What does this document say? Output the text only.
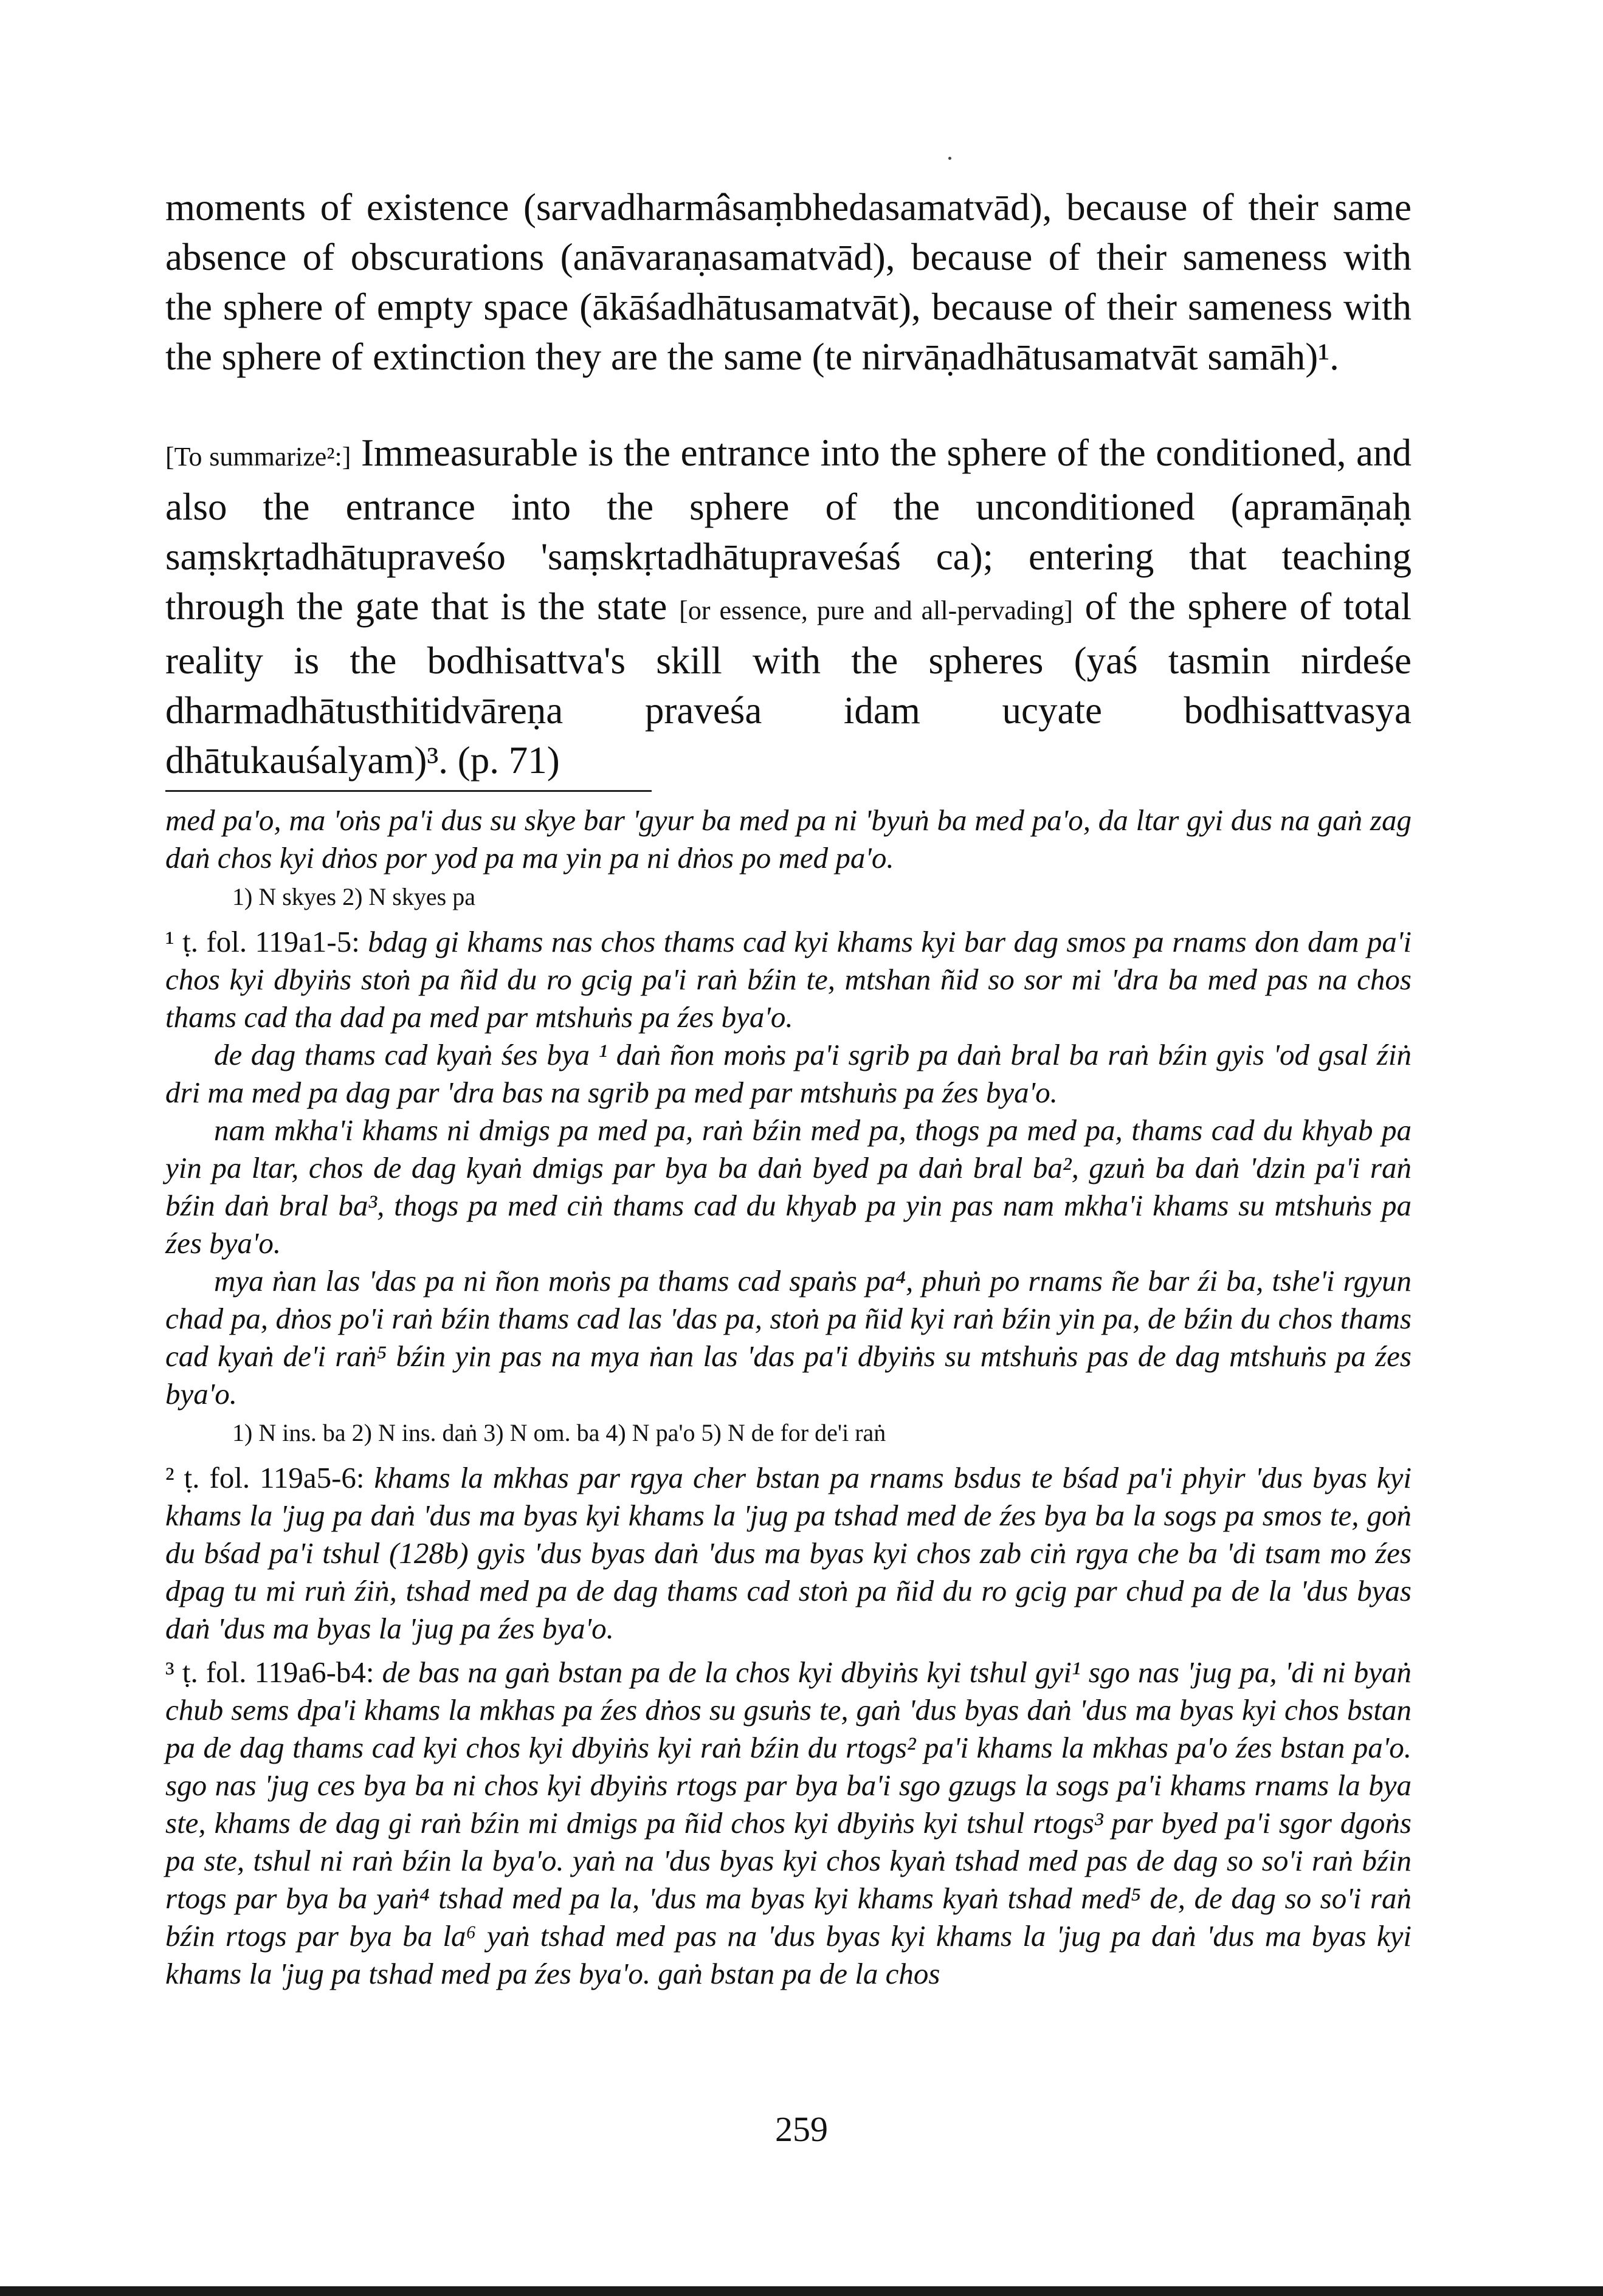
moments of existence (sarvadharmâsaṃbhedasamatvād), because of their same absence of obscurations (anāvaraṇasamatvād), because of their sameness with the sphere of empty space (ākāśadhātusamatvāt), because of their sameness with the sphere of extinction they are the same (te nirvāṇadhātusamatvāt samāh)¹.

[To summarize²:] Immeasurable is the entrance into the sphere of the conditioned, and also the entrance into the sphere of the unconditioned (apramāṇaḥ saṃskṛtadhātupraveśo 'saṃskṛtadhātupraveśaś ca); entering that teaching through the gate that is the state [or essence, pure and all-pervading] of the sphere of total reality is the bodhisattva's skill with the spheres (yaś tasmin nirdeśe dharmadhātusthitidvāreṇa praveśa idam ucyate bodhisattvasya dhātukauśalyam)³. (p. 71)

med pa'o, ma 'oṅs pa'i dus su skye bar 'gyur ba med pa ni 'byuṅ ba med pa'o, da ltar gyi dus na gaṅ zag daṅ chos kyi dṅos por yod pa ma yin pa ni dṅos po med pa'o.

1) N skyes 2) N skyes pa

¹ ṭ. fol. 119a1-5: bdag gi khams nas chos thams cad kyi khams kyi bar dag smos pa rnams don dam pa'i chos kyi dbyiṅs stoṅ pa ñid du ro gcig pa'i raṅ bźin te, mtshan ñid so sor mi 'dra ba med pas na chos thams cad tha dad pa med par mtshuṅs pa źes bya'o.

de dag thams cad kyaṅ śes bya ¹ daṅ ñon moṅs pa'i sgrib pa daṅ bral ba raṅ bźin gyis 'od gsal źiṅ dri ma med pa dag par 'dra bas na sgrib pa med par mtshuṅs pa źes bya'o.

nam mkha'i khams ni dmigs pa med pa, raṅ bźin med pa, thogs pa med pa, thams cad du khyab pa yin pa ltar, chos de dag kyaṅ dmigs par bya ba daṅ byed pa daṅ bral ba², gzuṅ ba daṅ 'dzin pa'i raṅ bźin daṅ bral ba³, thogs pa med ciṅ thams cad du khyab pa yin pas nam mkha'i khams su mtshuṅs pa źes bya'o.

mya ṅan las 'das pa ni ñon moṅs pa thams cad spaṅs pa⁴, phuṅ po rnams ñe bar źi ba, tshe'i rgyun chad pa, dṅos po'i raṅ bźin thams cad las 'das pa, stoṅ pa ñid kyi raṅ bźin yin pa, de bźin du chos thams cad kyaṅ de'i raṅ⁵ bźin yin pas na mya ṅan las 'das pa'i dbyiṅs su mtshuṅs pas de dag mtshuṅs pa źes bya'o.

1) N ins. ba 2) N ins. daṅ 3) N om. ba 4) N pa'o 5) N de for de'i raṅ

² ṭ. fol. 119a5-6: khams la mkhas par rgya cher bstan pa rnams bsdus te bśad pa'i phyir 'dus byas kyi khams la 'jug pa daṅ 'dus ma byas kyi khams la 'jug pa tshad med de źes bya ba la sogs pa smos te, goṅ du bśad pa'i tshul (128b) gyis 'dus byas daṅ 'dus ma byas kyi chos zab ciṅ rgya che ba 'di tsam mo źes dpag tu mi ruṅ źiṅ, tshad med pa de dag thams cad stoṅ pa ñid du ro gcig par chud pa de la 'dus byas daṅ 'dus ma byas la 'jug pa źes bya'o.

³ ṭ. fol. 119a6-b4: de bas na gaṅ bstan pa de la chos kyi dbyiṅs kyi tshul gyi¹ sgo nas 'jug pa, 'di ni byaṅ chub sems dpa'i khams la mkhas pa źes dṅos su gsuṅs te, gaṅ 'dus byas daṅ 'dus ma byas kyi chos bstan pa de dag thams cad kyi chos kyi dbyiṅs kyi raṅ bźin du rtogs² pa'i khams la mkhas pa'o źes bstan pa'o. sgo nas 'jug ces bya ba ni chos kyi dbyiṅs rtogs par bya ba'i sgo gzugs la sogs pa'i khams rnams la bya ste, khams de dag gi raṅ bźin mi dmigs pa ñid chos kyi dbyiṅs kyi tshul rtogs³ par byed pa'i sgor dgoṅs pa ste, tshul ni raṅ bźin la bya'o. yaṅ na 'dus byas kyi chos kyaṅ tshad med pas de dag so so'i raṅ bźin rtogs par bya ba yaṅ⁴ tshad med pa la, 'dus ma byas kyi khams kyaṅ tshad med⁵ de, de dag so so'i raṅ bźin rtogs par bya ba la⁶ yaṅ tshad med pas na 'dus byas kyi khams la 'jug pa daṅ 'dus ma byas kyi khams la 'jug pa tshad med pa źes bya'o. gaṅ bstan pa de la chos

259
